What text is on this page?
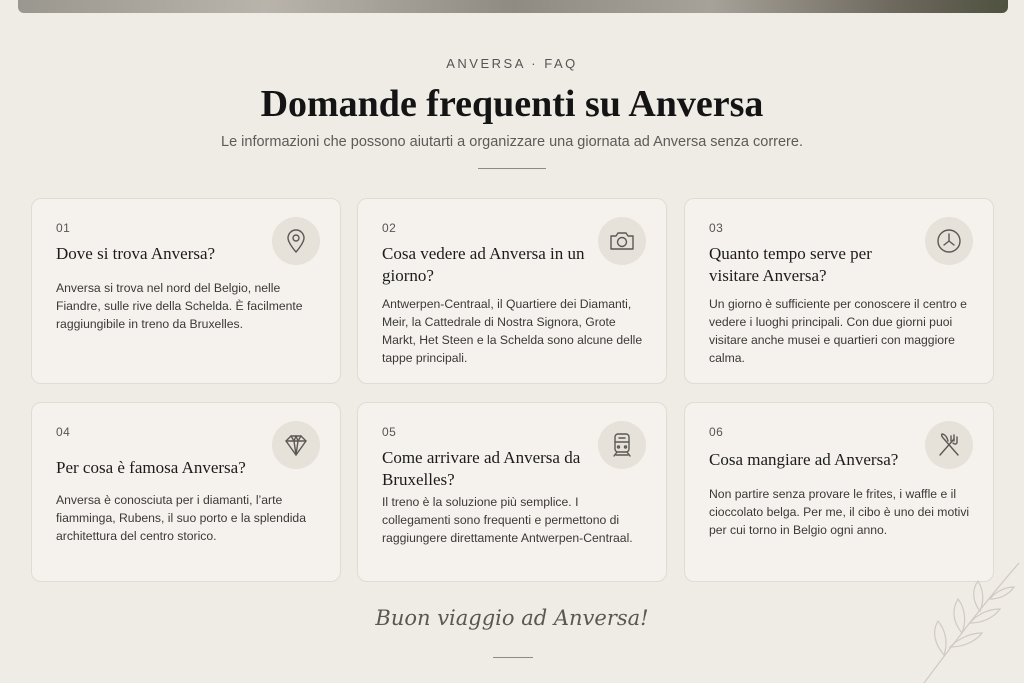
ANVERSA · FAQ
Domande frequenti su Anversa

Le informazioni che possono aiutarti a organizzare una giornata ad Anversa senza correre.

01
Dove si trova Anversa?
Anversa si trova nel nord del Belgio, nelle Fiandre, sulle rive della Schelda. È facilmente raggiungibile in treno da Bruxelles.
02
Cosa vedere ad Anversa in un giorno?
Antwerpen-Centraal, il Quartiere dei Diamanti, Meir, la Cattedrale di Nostra Signora, Grote Markt, Het Steen e la Schelda sono alcune delle tappe principali.
03
Quanto tempo serve per visitare Anversa?
Un giorno è sufficiente per conoscere il centro e vedere i luoghi principali. Con due giorni puoi visitare anche musei e quartieri con maggiore calma.
04
Per cosa è famosa Anversa?
Anversa è conosciuta per i diamanti, l’arte fiamminga, Rubens, il suo porto e la splendida architettura del centro storico.
05
Come arrivare ad Anversa da Bruxelles?
Il treno è la soluzione più semplice. I collegamenti sono frequenti e permettono di raggiungere direttamente Antwerpen-Centraal.
06
Cosa mangiare ad Anversa?
Non partire senza provare le frites, i waffle e il cioccolato belga. Per me, il cibo è uno dei motivi per cui torno in Belgio ogni anno.
Buon viaggio ad Anversa!
